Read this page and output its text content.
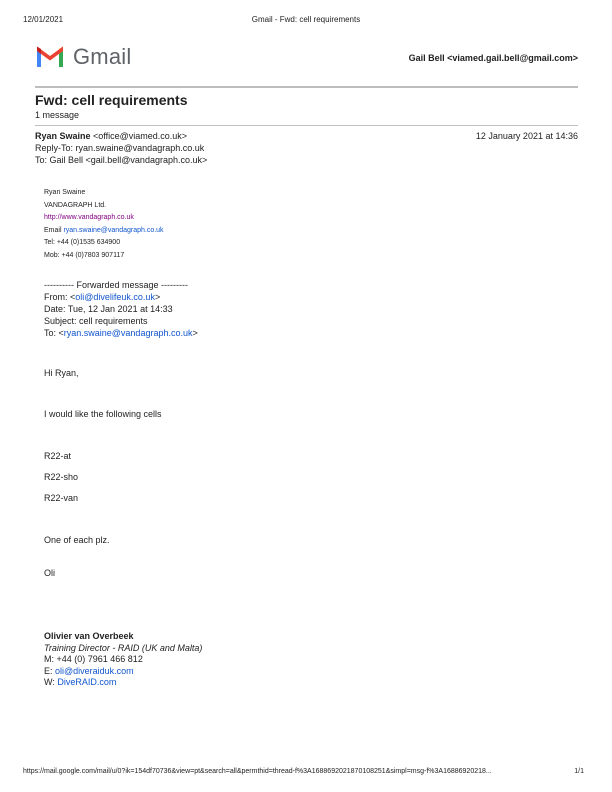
12/01/2021	Gmail - Fwd: cell requirements
Gmail	Gail Bell <viamed.gail.bell@gmail.com>
Fwd: cell requirements
1 message
Ryan Swaine <office@viamed.co.uk>	12 January 2021 at 14:36
Reply-To: ryan.swaine@vandagraph.co.uk
To: Gail Bell <gail.bell@vandagraph.co.uk>
Ryan Swaine
VANDAGRAPH Ltd.
http://www.vandagraph.co.uk
Email ryan.swaine@vandagraph.co.uk
Tel: +44 (0)1535 634900
Mob: +44 (0)7803 907117
---------- Forwarded message ---------
From: <oli@divelifeuk.co.uk>
Date: Tue, 12 Jan 2021 at 14:33
Subject: cell requirements
To: <ryan.swaine@vandagraph.co.uk>
Hi Ryan,
I would like the following cells
R22-at
R22-sho
R22-van
One of each plz.
Oli
Olivier van Overbeek
Training Director - RAID (UK and Malta)
M: +44 (0) 7961 466 812
E: oli@diveraiduk.com
W: DiveRAID.com
https://mail.google.com/mail/u/0?ik=154df70736&view=pt&search=all&permthid=thread-f%3A1688692021870108251&simpl=msg-f%3A16886920218...	1/1
